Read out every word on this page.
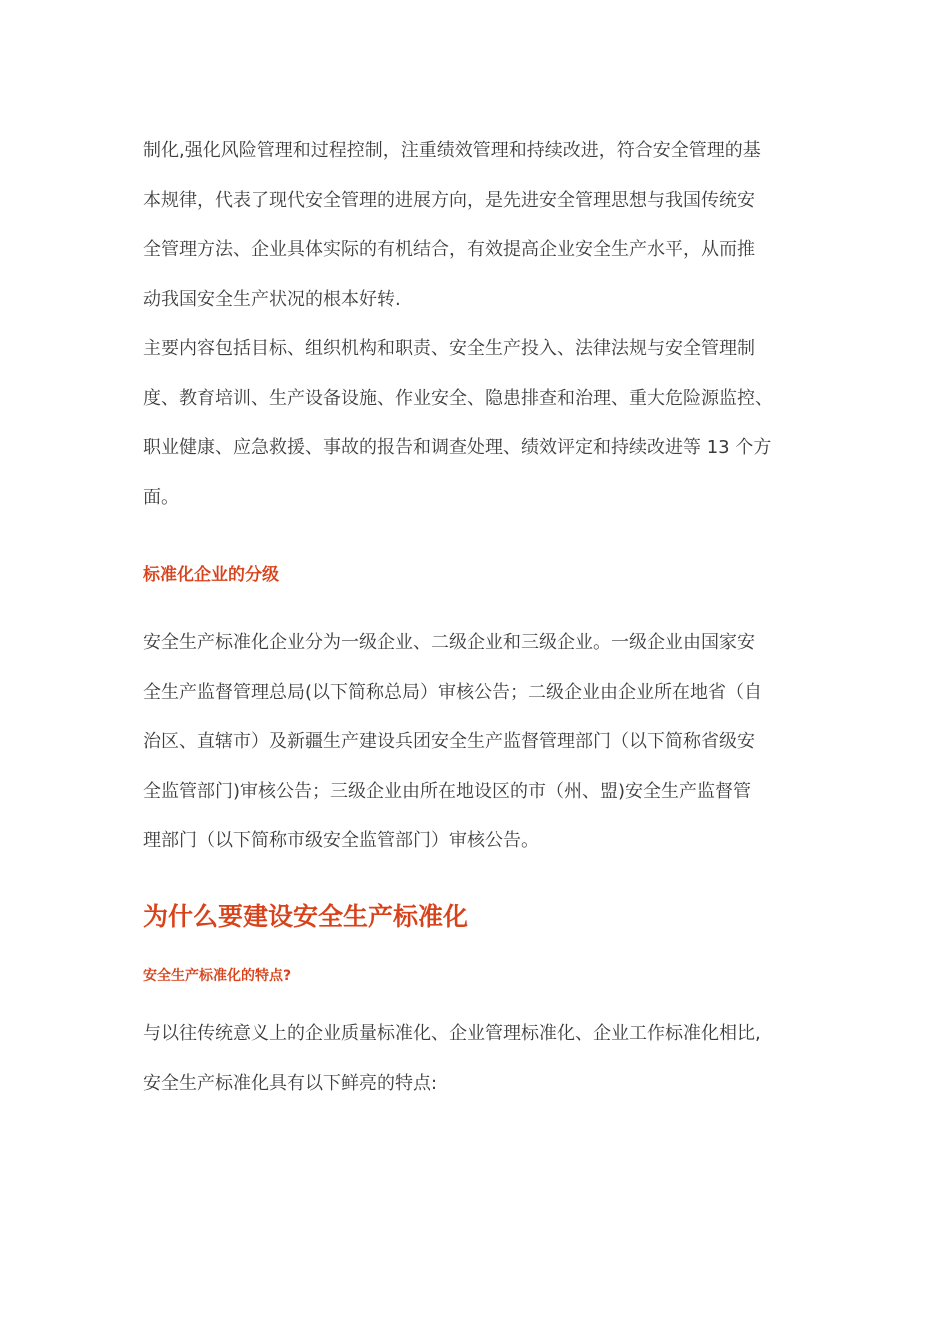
制化,强化风险管理和过程控制，注重绩效管理和持续改进，符合安全管理的基
本规律，代表了现代安全管理的进展方向，是先进安全管理思想与我国传统安
全管理方法、企业具体实际的有机结合，有效提高企业安全生产水平，从而推
动我国安全生产状况的根本好转.
主要内容包括目标、组织机构和职责、安全生产投入、法律法规与安全管理制
度、教育培训、生产设备设施、作业安全、隐患排查和治理、重大危险源监控、
职业健康、应急救援、事故的报告和调查处理、绩效评定和持续改进等 13 个方
面。
标准化企业的分级
安全生产标准化企业分为一级企业、二级企业和三级企业。一级企业由国家安
全生产监督管理总局(以下简称总局）审核公告；二级企业由企业所在地省（自
治区、直辖市）及新疆生产建设兵团安全生产监督管理部门（以下简称省级安
全监管部门)审核公告；三级企业由所在地设区的市（州、盟)安全生产监督管
理部门（以下简称市级安全监管部门）审核公告。
为什么要建设安全生产标准化
安全生产标准化的特点?
与以往传统意义上的企业质量标准化、企业管理标准化、企业工作标准化相比,
安全生产标准化具有以下鲜亮的特点:
